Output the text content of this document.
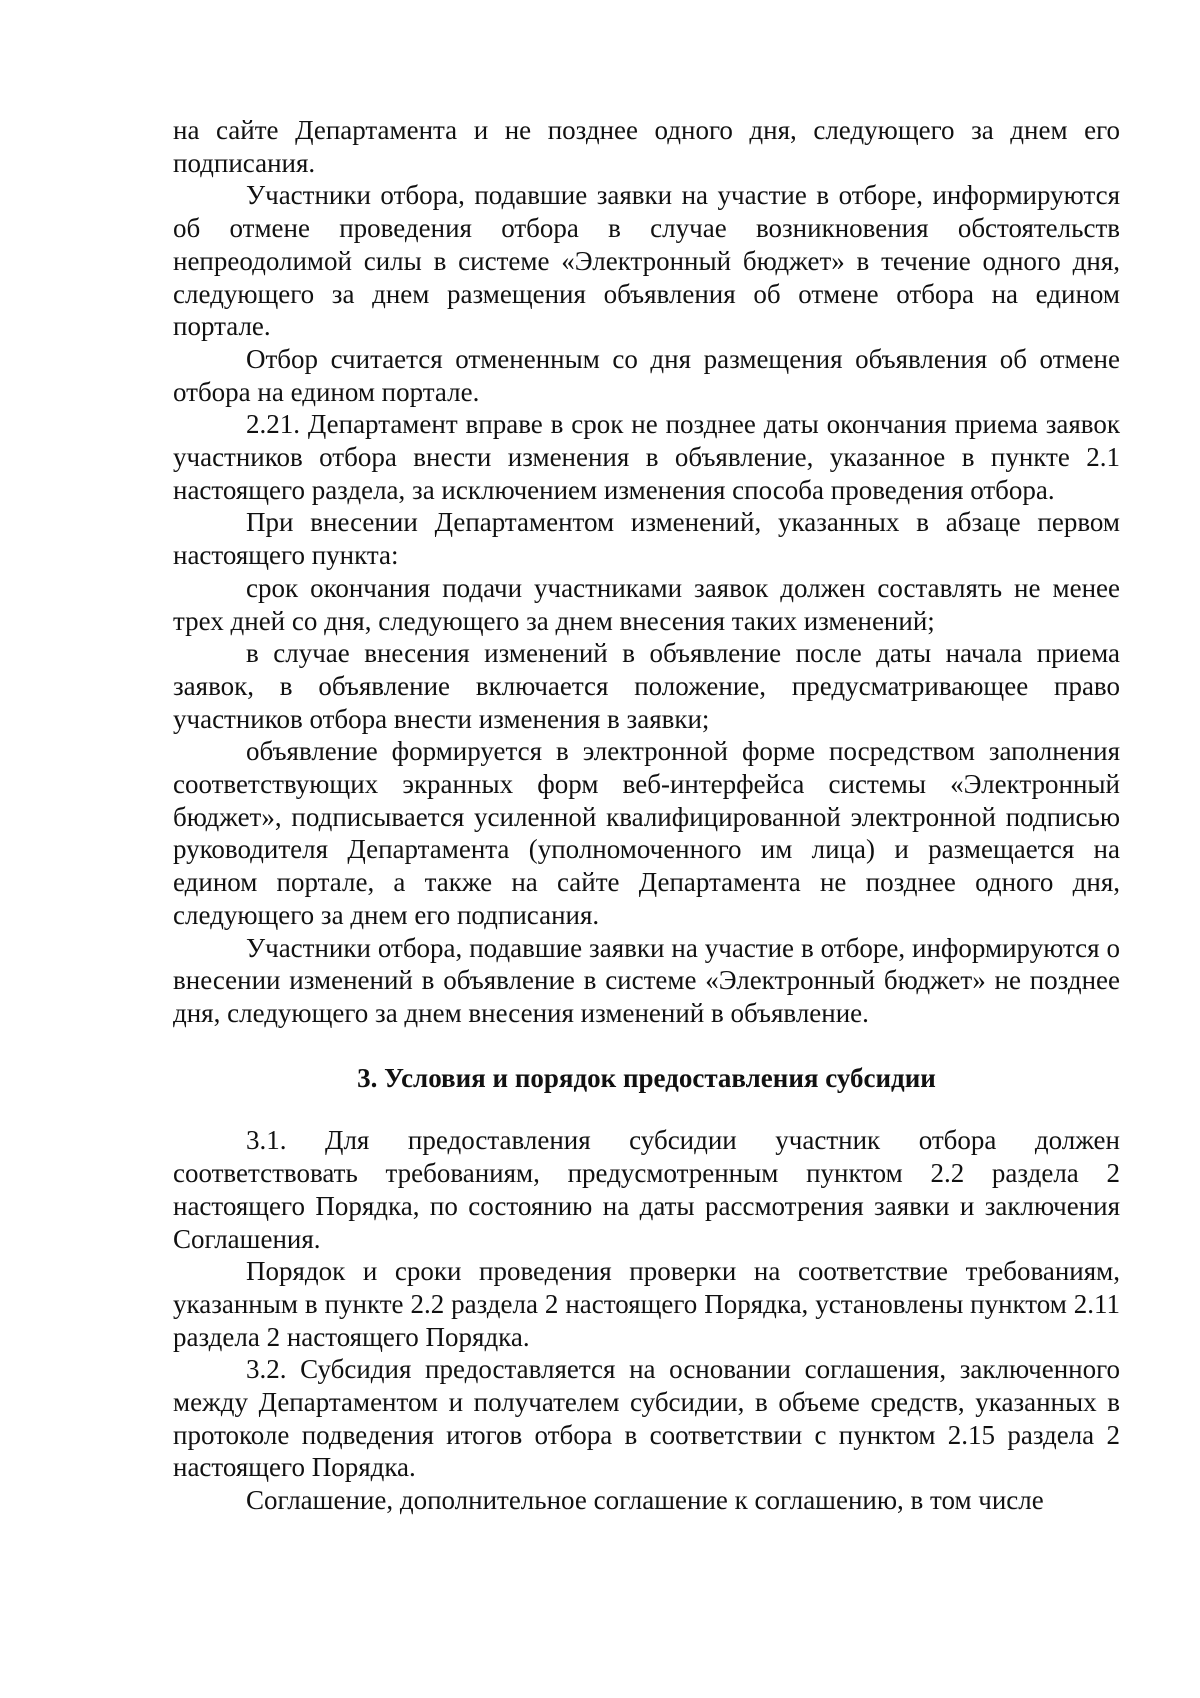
на сайте Департамента и не позднее одного дня, следующего за днем его подписания.

Участники отбора, подавшие заявки на участие в отборе, информируются об отмене проведения отбора в случае возникновения обстоятельств непреодолимой силы в системе «Электронный бюджет» в течение одного дня, следующего за днем размещения объявления об отмене отбора на едином портале.

Отбор считается отмененным со дня размещения объявления об отмене отбора на едином портале.

2.21. Департамент вправе в срок не позднее даты окончания приема заявок участников отбора внести изменения в объявление, указанное в пункте 2.1 настоящего раздела, за исключением изменения способа проведения отбора.

При внесении Департаментом изменений, указанных в абзаце первом настоящего пункта:

срок окончания подачи участниками заявок должен составлять не менее трех дней со дня, следующего за днем внесения таких изменений;

в случае внесения изменений в объявление после даты начала приема заявок, в объявление включается положение, предусматривающее право участников отбора внести изменения в заявки;

объявление формируется в электронной форме посредством заполнения соответствующих экранных форм веб-интерфейса системы «Электронный бюджет», подписывается усиленной квалифицированной электронной подписью руководителя Департамента (уполномоченного им лица) и размещается на едином портале, а также на сайте Департамента не позднее одного дня, следующего за днем его подписания.

Участники отбора, подавшие заявки на участие в отборе, информируются о внесении изменений в объявление в системе «Электронный бюджет» не позднее дня, следующего за днем внесения изменений в объявление.

3. Условия и порядок предоставления субсидии

3.1. Для предоставления субсидии участник отбора должен соответствовать требованиям, предусмотренным пунктом 2.2 раздела 2 настоящего Порядка, по состоянию на даты рассмотрения заявки и заключения Соглашения.

Порядок и сроки проведения проверки на соответствие требованиям, указанным в пункте 2.2 раздела 2 настоящего Порядка, установлены пунктом 2.11 раздела 2 настоящего Порядка.

3.2. Субсидия предоставляется на основании соглашения, заключенного между Департаментом и получателем субсидии, в объеме средств, указанных в протоколе подведения итогов отбора в соответствии с пунктом 2.15 раздела 2 настоящего Порядка.

Соглашение, дополнительное соглашение к соглашению, в том числе
